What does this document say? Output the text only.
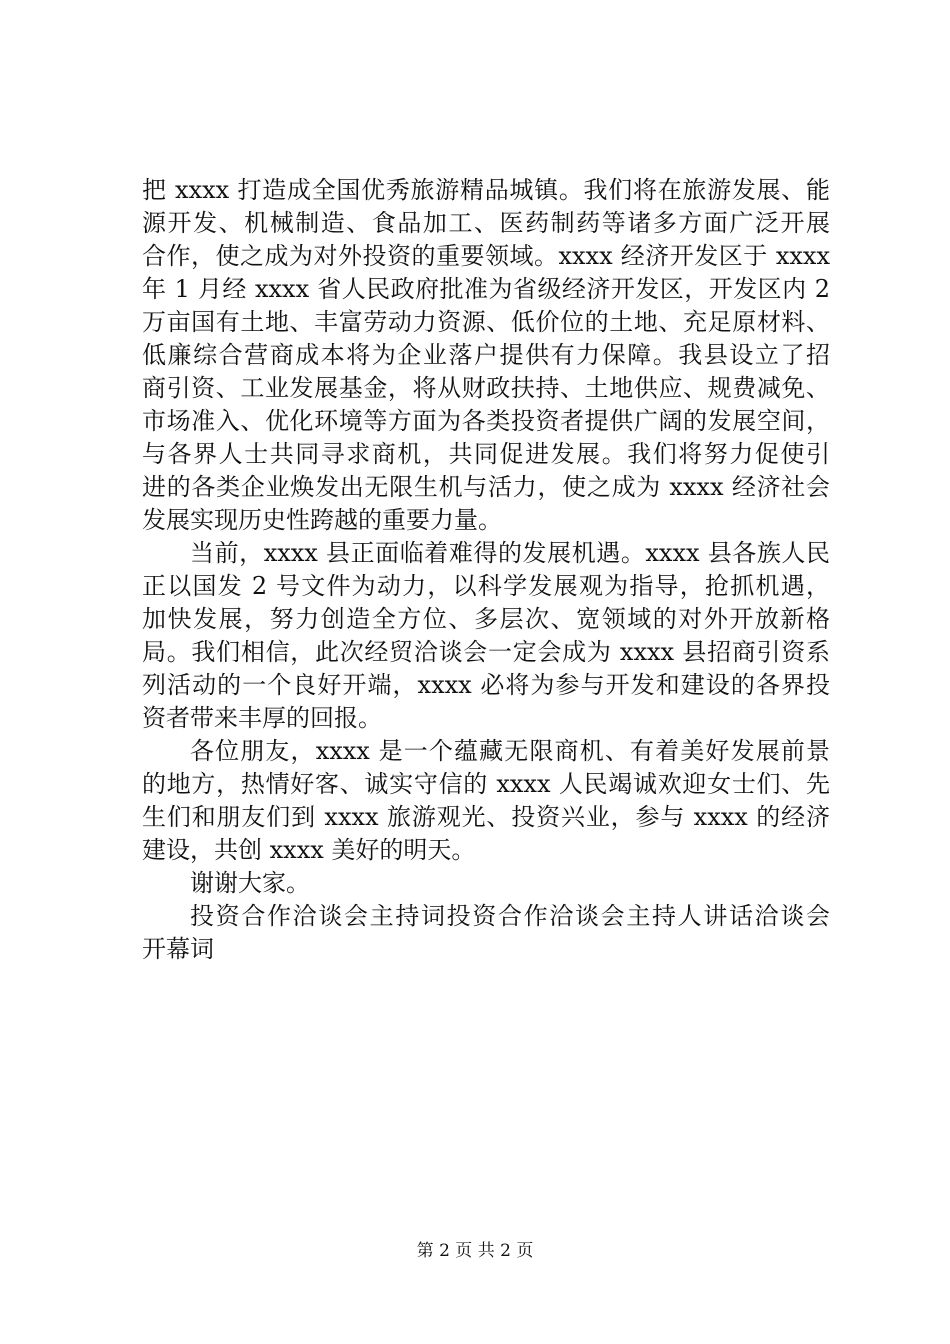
把 xxxx 打造成全国优秀旅游精品城镇。我们将在旅游发展、能
源开发、机械制造、食品加工、医药制药等诸多方面广泛开展
合作，使之成为对外投资的重要领域。xxxx 经济开发区于 xxxx
年 1 月经 xxxx 省人民政府批准为省级经济开发区，开发区内 2
万亩国有土地、丰富劳动力资源、低价位的土地、充足原材料、
低廉综合营商成本将为企业落户提供有力保障。我县设立了招
商引资、工业发展基金，将从财政扶持、土地供应、规费减免、
市场准入、优化环境等方面为各类投资者提供广阔的发展空间，
与各界人士共同寻求商机，共同促进发展。我们将努力促使引
进的各类企业焕发出无限生机与活力，使之成为 xxxx 经济社会
发展实现历史性跨越的重要力量。
当前，xxxx 县正面临着难得的发展机遇。xxxx 县各族人民
正以国发 2 号文件为动力，以科学发展观为指导，抢抓机遇，
加快发展，努力创造全方位、多层次、宽领域的对外开放新格
局。我们相信，此次经贸洽谈会一定会成为 xxxx 县招商引资系
列活动的一个良好开端，xxxx 必将为参与开发和建设的各界投
资者带来丰厚的回报。
各位朋友，xxxx 是一个蕴藏无限商机、有着美好发展前景
的地方，热情好客、诚实守信的 xxxx 人民竭诚欢迎女士们、先
生们和朋友们到 xxxx 旅游观光、投资兴业，参与 xxxx 的经济
建设，共创 xxxx 美好的明天。
谢谢大家。
投资合作洽谈会主持词投资合作洽谈会主持人讲话洽谈会
开幕词
第 2 页 共 2 页
